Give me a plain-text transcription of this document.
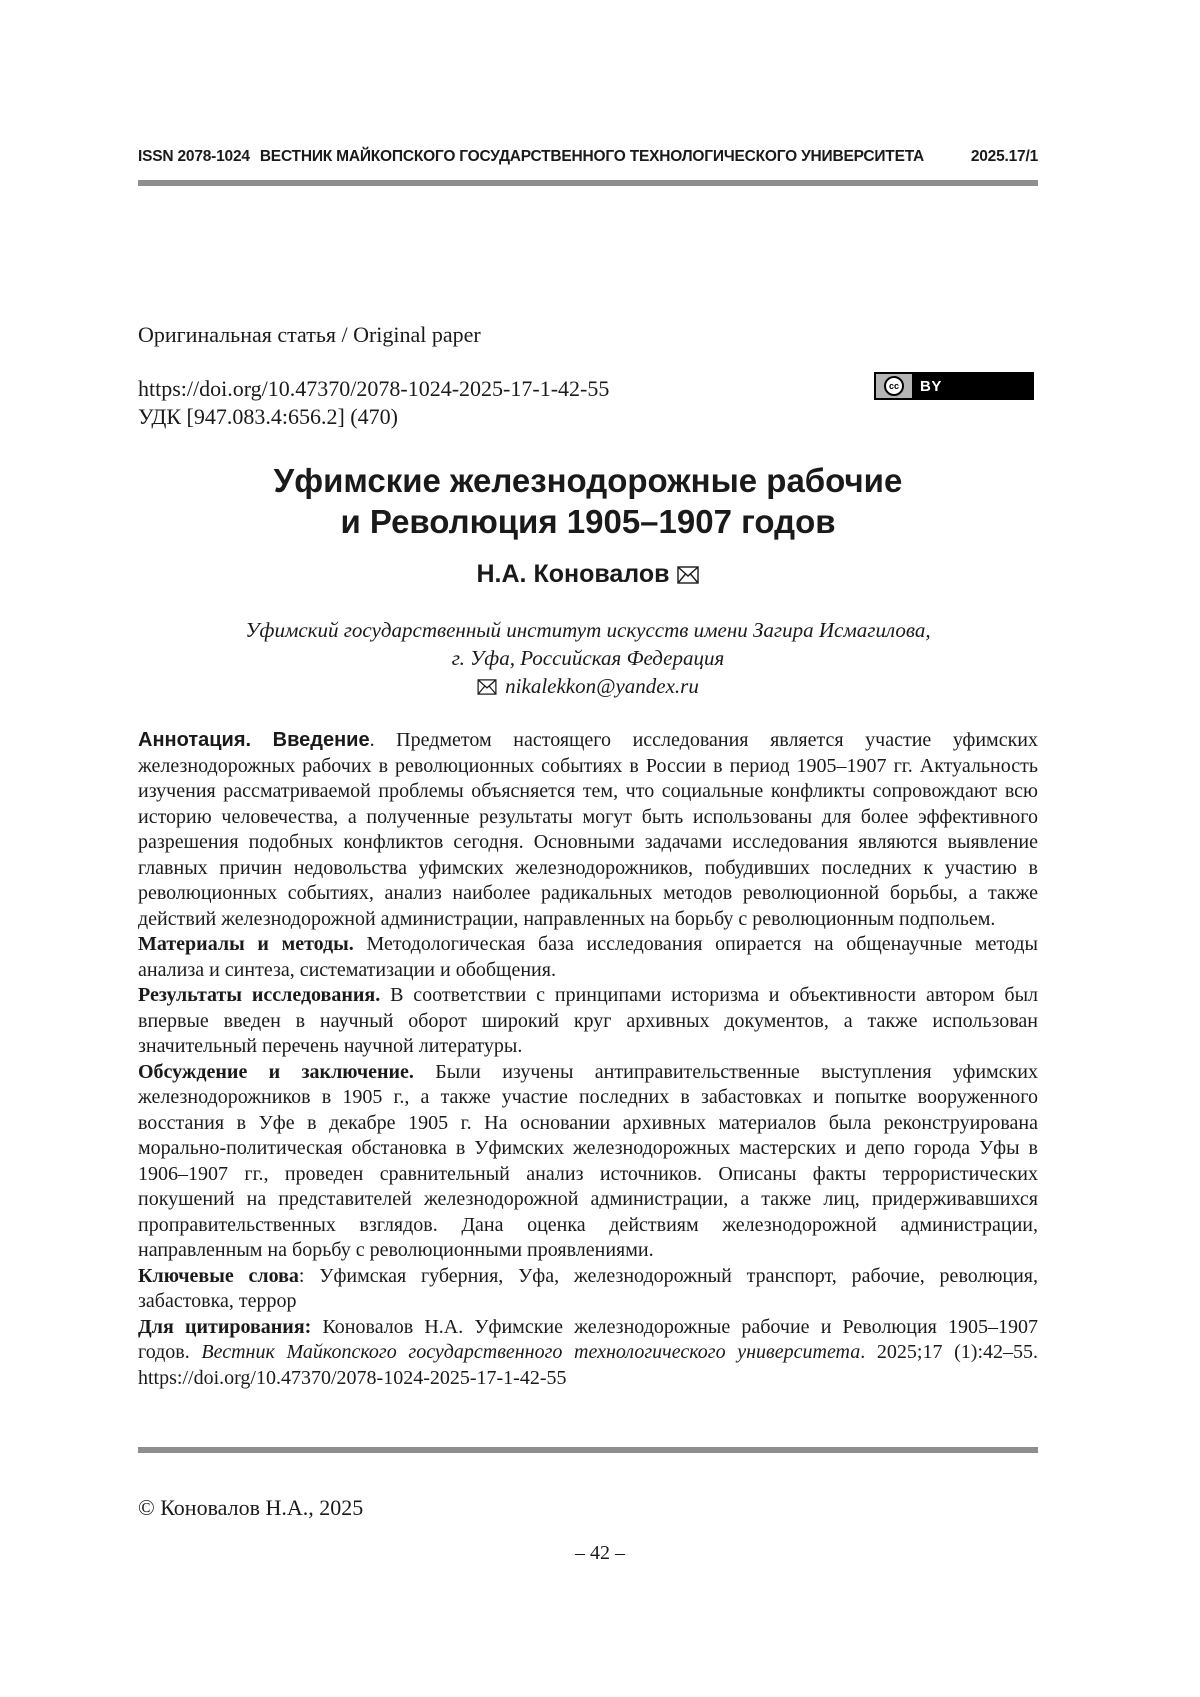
ISSN 2078-1024 ВЕСТНИК МАЙКОПСКОГО ГОСУДАРСТВЕННОГО ТЕХНОЛОГИЧЕСКОГО УНИВЕРСИТЕТА	2025.17/1
Оригинальная статья / Original paper
https://doi.org/10.47370/2078-1024-2025-17-1-42-55
УДК [947.083.4:656.2] (470)
cc	BY
Уфимские железнодорожные рабочие
и Революция 1905–1907 годов
Н.А. Коновалов
Уфимский государственный институт искусств имени Загира Исмагилова,
г. Уфа, Российская Федерация
nikalekkon@yandex.ru

Аннотация. Введение. Предметом настоящего исследования является участие уфимских железнодорожных рабочих в революционных событиях в России в период 1905–1907 гг. Актуальность изучения рассматриваемой проблемы объясняется тем, что социальные конфликты сопровождают всю историю человечества, а полученные результаты могут быть использованы для более эффективного разрешения подобных конфликтов сегодня. Основными задачами исследования являются выявление главных причин недовольства уфимских железнодорожников, побудивших последних к участию в революционных событиях, анализ наиболее радикальных методов революционной борьбы, а также действий железнодорожной администрации, направленных на борьбу с революционным подпольем.

Материалы и методы. Методологическая база исследования опирается на общенаучные методы анализа и синтеза, систематизации и обобщения.

Результаты исследования. В соответствии с принципами историзма и объективности автором был впервые введен в научный оборот широкий круг архивных документов, а также использован значительный перечень научной литературы.

Обсуждение и заключение. Были изучены антиправительственные выступления уфимских железнодорожников в 1905 г., а также участие последних в забастовках и попытке вооруженного восстания в Уфе в декабре 1905 г. На основании архивных материалов была реконструирована морально-политическая обстановка в Уфимских железнодорожных мастерских и депо города Уфы в 1906–1907 гг., проведен сравнительный анализ источников. Описаны факты террористических покушений на представителей железнодорожной администрации, а также лиц, придерживавшихся проправительственных взглядов. Дана оценка действиям железнодорожной администрации, направленным на борьбу с революционными проявлениями.

Ключевые слова: Уфимская губерния, Уфа, железнодорожный транспорт, рабочие, революция, забастовка, террор

Для цитирования: Коновалов Н.А. Уфимские железнодорожные рабочие и Революция 1905–1907 годов. Вестник Майкопского государственного технологического университета. 2025;17 (1):42–55. https://doi.org/10.47370/2078-1024-2025-17-1-42-55

© Коновалов Н.А., 2025
– 42 –
